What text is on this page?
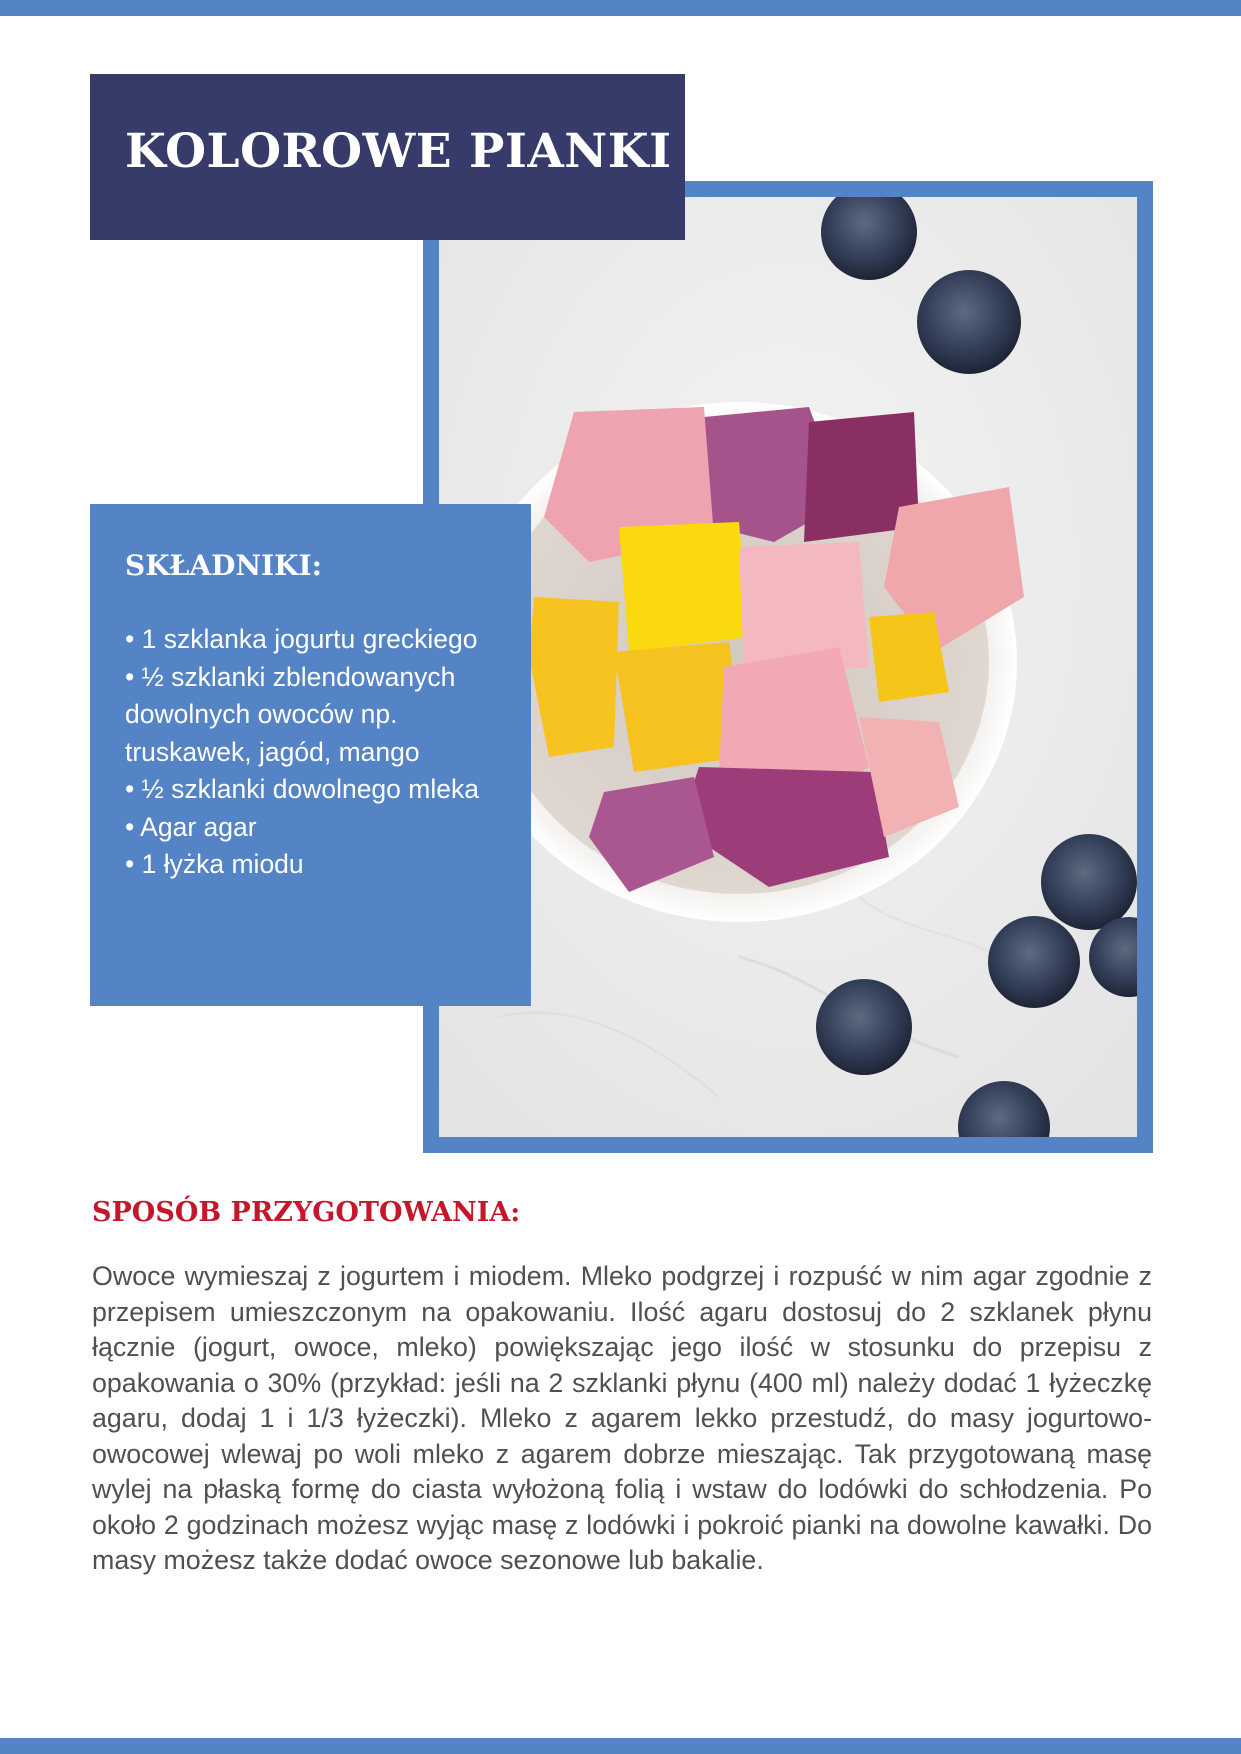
KOLOROWE PIANKI
SKŁADNIKI:
• 1 szklanka jogurtu greckiego
• ½ szklanki zblendowanych dowolnych owoców np. truskawek, jagód, mango
• ½ szklanki dowolnego mleka
• Agar agar
• 1 łyżka miodu
SPOSÓB PRZYGOTOWANIA:

Owoce wymieszaj z jogurtem i miodem. Mleko podgrzej i rozpuść w nim agar zgodnie z przepisem umieszczonym na opakowaniu. Ilość agaru dostosuj do 2 szklanek płynu łącznie (jogurt, owoce, mleko) powiększając jego ilość w stosunku do przepisu z opakowania o 30% (przykład: jeśli na 2 szklanki płynu (400 ml) należy dodać 1 łyżeczkę agaru, dodaj 1 i 1/3 łyżeczki). Mleko z agarem lekko przestudź, do masy jogurtowo-owocowej wlewaj po woli mleko z agarem dobrze mieszając. Tak przygotowaną masę wylej na płaską formę do ciasta wyłożoną folią i wstaw do lodówki do schłodzenia. Po około 2 godzinach możesz wyjąc masę z lodówki i pokroić pianki na dowolne kawałki. Do masy możesz także dodać owoce sezonowe lub bakalie.
